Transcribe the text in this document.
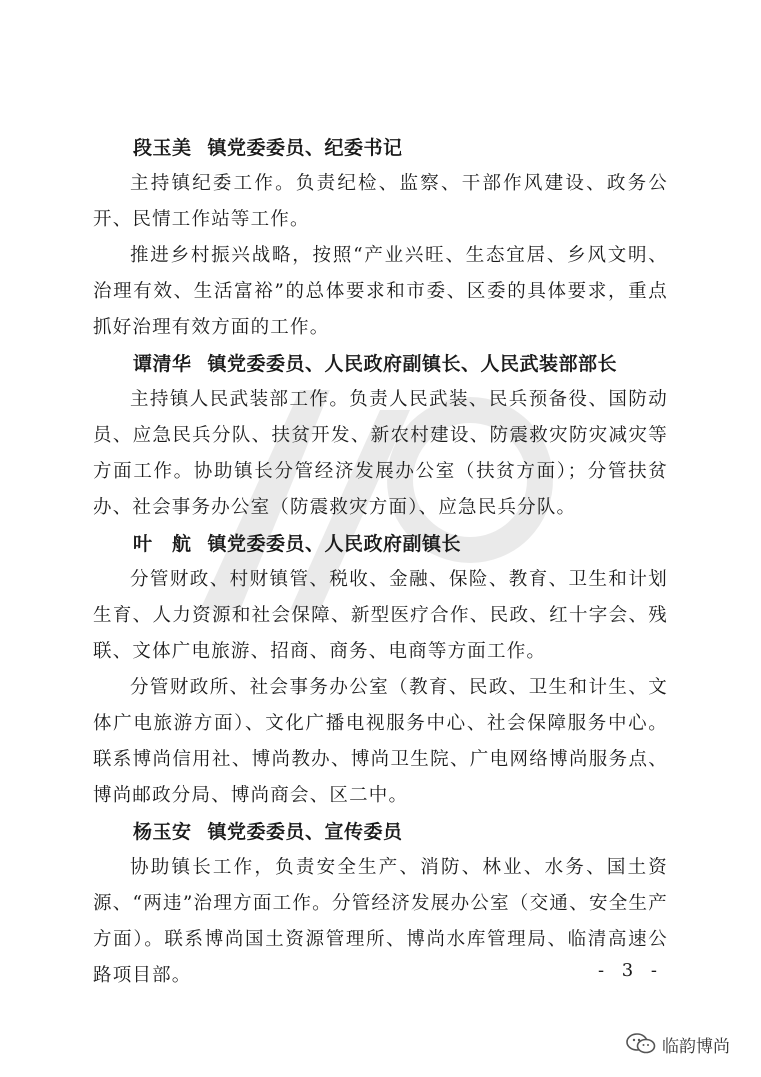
段玉美 镇党委委员、纪委书记

主持镇纪委工作。负责纪检、监察、干部作风建设、政务公开、民情工作站等工作。

推进乡村振兴战略，按照“产业兴旺、生态宜居、乡风文明、治理有效、生活富裕”的总体要求和市委、区委的具体要求，重点抓好治理有效方面的工作。

谭清华 镇党委委员、人民政府副镇长、人民武装部部长

主持镇人民武装部工作。负责人民武装、民兵预备役、国防动员、应急民兵分队、扶贫开发、新农村建设、防震救灾防灾减灾等方面工作。协助镇长分管经济发展办公室（扶贫方面）；分管扶贫办、社会事务办公室（防震救灾方面）、应急民兵分队。

叶　航 镇党委委员、人民政府副镇长

分管财政、村财镇管、税收、金融、保险、教育、卫生和计划生育、人力资源和社会保障、新型医疗合作、民政、红十字会、残联、文体广电旅游、招商、商务、电商等方面工作。

分管财政所、社会事务办公室（教育、民政、卫生和计生、文体广电旅游方面）、文化广播电视服务中心、社会保障服务中心。联系博尚信用社、博尚教办、博尚卫生院、广电网络博尚服务点、博尚邮政分局、博尚商会、区二中。

杨玉安 镇党委委员、宣传委员

协助镇长工作，负责安全生产、消防、林业、水务、国土资源、“两违”治理方面工作。分管经济发展办公室（交通、安全生产方面）。联系博尚国土资源管理所、博尚水库管理局、临清高速公路项目部。	- 3 -
临韵博尚
